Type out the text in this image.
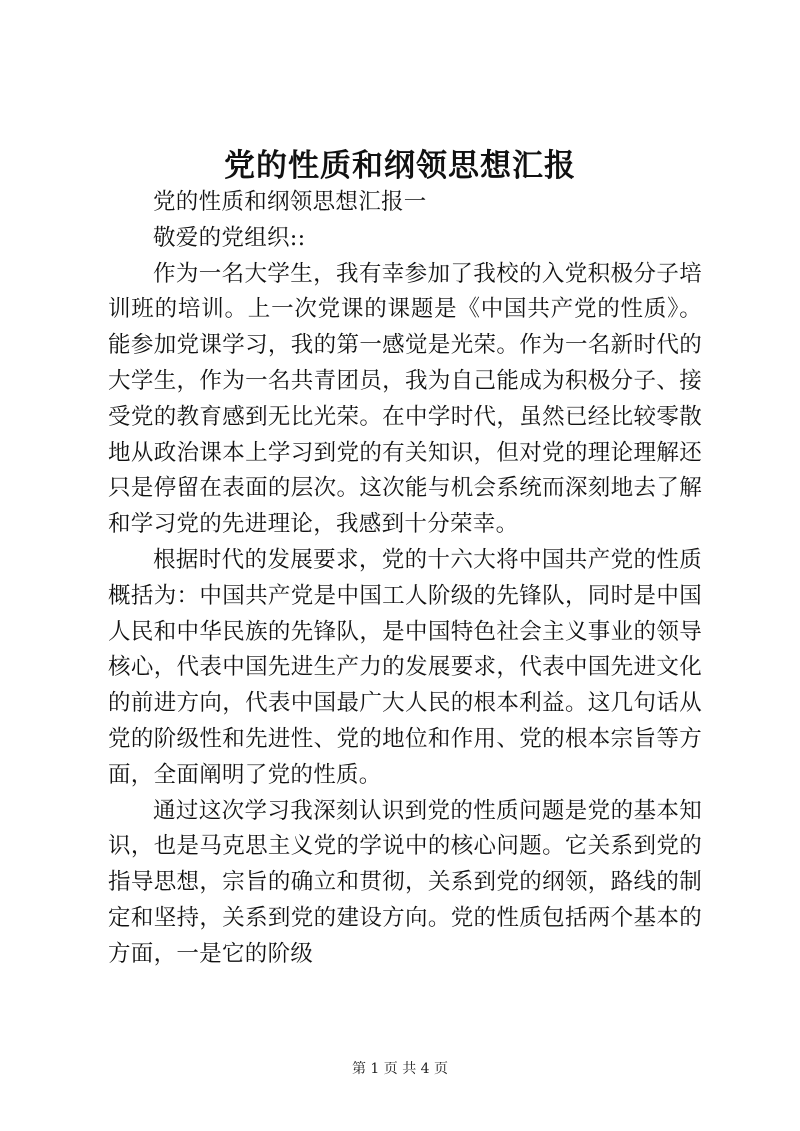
党的性质和纲领思想汇报

党的性质和纲领思想汇报一

敬爱的党组织::

作为一名大学生，我有幸参加了我校的入党积极分子培训班的培训。上一次党课的课题是《中国共产党的性质》。能参加党课学习，我的第一感觉是光荣。作为一名新时代的大学生，作为一名共青团员，我为自己能成为积极分子、接受党的教育感到无比光荣。在中学时代，虽然已经比较零散地从政治课本上学习到党的有关知识，但对党的理论理解还只是停留在表面的层次。这次能与机会系统而深刻地去了解和学习党的先进理论，我感到十分荣幸。

根据时代的发展要求，党的十六大将中国共产党的性质概括为：中国共产党是中国工人阶级的先锋队，同时是中国人民和中华民族的先锋队，是中国特色社会主义事业的领导核心，代表中国先进生产力的发展要求，代表中国先进文化的前进方向，代表中国最广大人民的根本利益。这几句话从党的阶级性和先进性、党的地位和作用、党的根本宗旨等方面，全面阐明了党的性质。

通过这次学习我深刻认识到党的性质问题是党的基本知识，也是马克思主义党的学说中的核心问题。它关系到党的指导思想，宗旨的确立和贯彻，关系到党的纲领，路线的制定和坚持，关系到党的建设方向。党的性质包括两个基本的方面，一是它的阶级

第 1 页 共 4 页
